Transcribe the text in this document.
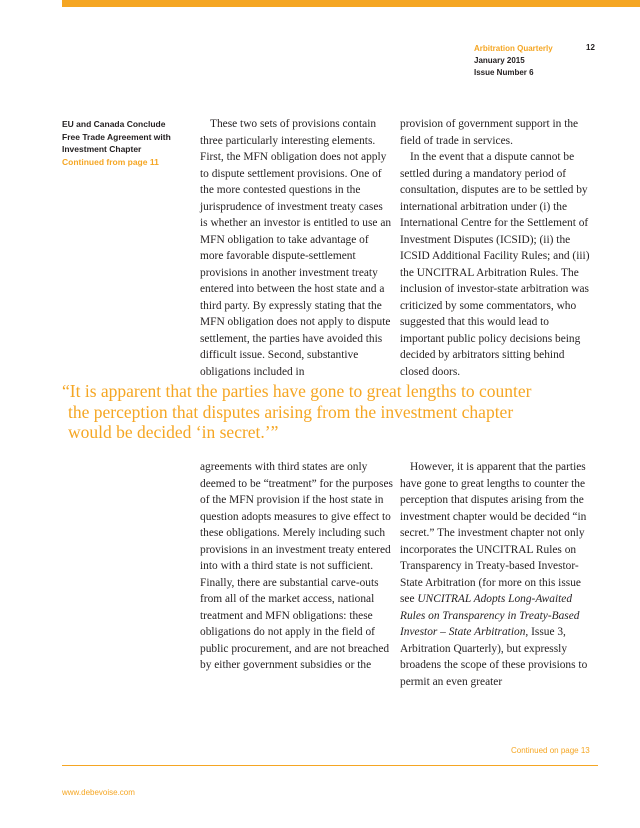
Arbitration Quarterly
January 2015
Issue Number 6
12
EU and Canada Conclude
Free Trade Agreement with
Investment Chapter
Continued from page 11

These two sets of provisions contain three particularly interesting elements. First, the MFN obligation does not apply to dispute settlement provisions. One of the more contested questions in the jurisprudence of investment treaty cases is whether an investor is entitled to use an MFN obligation to take advantage of more favorable dispute-settlement provisions in another investment treaty entered into between the host state and a third party. By expressly stating that the MFN obligation does not apply to dispute settlement, the parties have avoided this difficult issue. Second, substantive obligations included in

provision of government support in the field of trade in services.

In the event that a dispute cannot be settled during a mandatory period of consultation, disputes are to be settled by international arbitration under (i) the International Centre for the Settlement of Investment Disputes (ICSID); (ii) the ICSID Additional Facility Rules; and (iii) the UNCITRAL Arbitration Rules. The inclusion of investor-state arbitration was criticized by some commentators, who suggested that this would lead to important public policy decisions being decided by arbitrators sitting behind closed doors.

“It is apparent that the parties have gone to great lengths to counter
the perception that disputes arising from the investment chapter
would be decided ‘in secret.’”

agreements with third states are only deemed to be “treatment” for the purposes of the MFN provision if the host state in question adopts measures to give effect to these obligations. Merely including such provisions in an investment treaty entered into with a third state is not sufficient. Finally, there are substantial carve-outs from all of the market access, national treatment and MFN obligations: these obligations do not apply in the field of public procurement, and are not breached by either government subsidies or the

However, it is apparent that the parties have gone to great lengths to counter the perception that disputes arising from the investment chapter would be decided “in secret.” The investment chapter not only incorporates the UNCITRAL Rules on Transparency in Treaty-based Investor-State Arbitration (for more on this issue see UNCITRAL Adopts Long-Awaited Rules on Transparency in Treaty-Based Investor – State Arbitration, Issue 3, Arbitration Quarterly), but expressly broadens the scope of these provisions to permit an even greater

Continued on page 13
www.debevoise.com
